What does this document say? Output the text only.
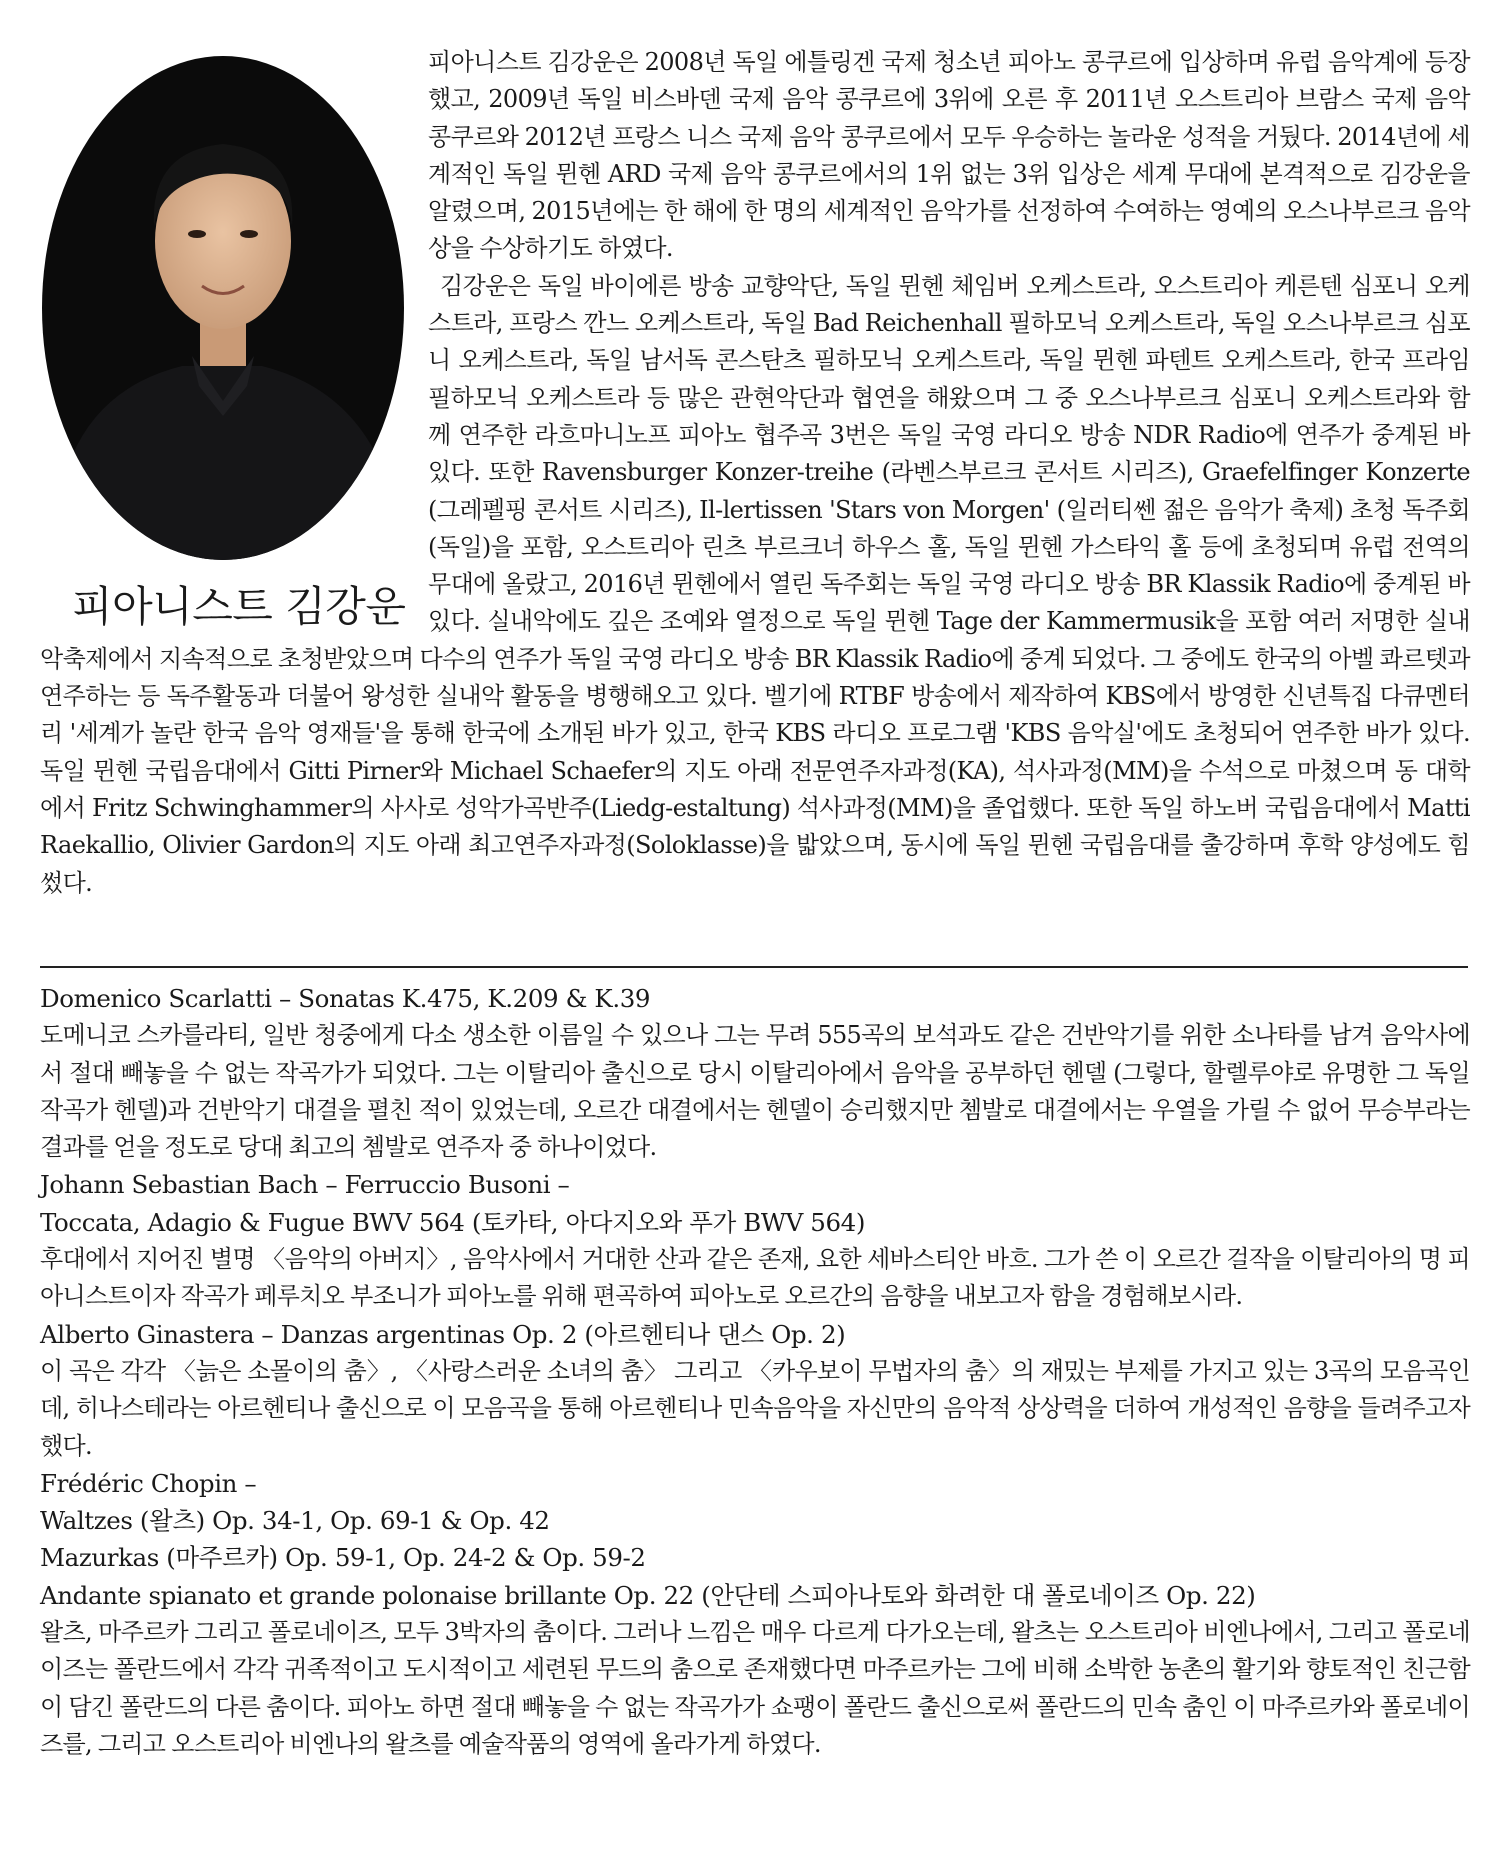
피아니스트 김강운은 2008년 독일 에틀링겐 국제 청소년 피아노 콩쿠르에 입상하며 유럽 음악계에 등장했고, 2009년 독일 비스바덴 국제 음악 콩쿠르에 3위에 오른 후 2011년 오스트리아 브람스 국제 음악 콩쿠르와 2012년 프랑스 니스 국제 음악 콩쿠르에서 모두 우승하는 놀라운 성적을 거뒀다. 2014년에 세계적인 독일 뮌헨 ARD 국제 음악 콩쿠르에서의 1위 없는 3위 입상은 세계 무대에 본격적으로 김강운을 알렸으며, 2015년에는 한 해에 한 명의 세계적인 음악가를 선정하여 수여하는 영예의 오스나부르크 음악상을 수상하기도 하였다.

김강운은 독일 바이에른 방송 교향악단, 독일 뮌헨 체임버 오케스트라, 오스트리아 케른텐 심포니 오케스트라, 프랑스 깐느 오케스트라, 독일 Bad Reichenhall 필하모닉 오케스트라, 독일 오스나부르크 심포니 오케스트라, 독일 남서독 콘스탄츠 필하모닉 오케스트라, 독일 뮌헨 파텐트 오케스트라, 한국 프라임 필하모닉 오케스트라 등 많은 관현악단과 협연을 해왔으며 그 중 오스나부르크 심포니 오케스트라와 함께 연주한 라흐마니노프 피아노 협주곡 3번은 독일 국영 라디오 방송 NDR Radio에 연주가 중계된 바 있다. 또한 Ravensburger Konzer-treihe (라벤스부르크 콘서트 시리즈), Graefelfinger Konzerte (그레펠핑 콘서트 시리즈), Il-lertissen 'Stars von Morgen' (일러티쎈 젊은 음악가 축제) 초청 독주회(독일)을 포함, 오스트리아 린츠 부르크너 하우스 홀, 독일 뮌헨 가스타익 홀 등에 초청되며 유럽 전역의 무대에 올랐고, 2016년 뮌헨에서 열린 독주회는 독일 국영 라디오 방송 BR Klassik Radio에 중계된 바 있다. 실내악에도 깊은 조예와 열정으로 독일 뮌헨 Tage der Kammermusik을 포함 여러 저명한 실내악축제에서 지속적으로 초청받았으며 다수의 연주가 독일 국영 라디오 방송 BR Klassik Radio에 중계 되었다. 그 중에도 한국의 아벨 콰르텟과 연주하는 등 독주활동과 더불어 왕성한 실내악 활동을 병행해오고 있다. 벨기에 RTBF 방송에서 제작하여 KBS에서 방영한 신년특집 다큐멘터리 '세계가 놀란 한국 음악 영재들'을 통해 한국에 소개된 바가 있고, 한국 KBS 라디오 프로그램 'KBS 음악실'에도 초청되어 연주한 바가 있다. 독일 뮌헨 국립음대에서 Gitti Pirner와 Michael Schaefer의 지도 아래 전문연주자과정(KA), 석사과정(MM)을 수석으로 마쳤으며 동 대학에서 Fritz Schwinghammer의 사사로 성악가곡반주(Liedg-estaltung) 석사과정(MM)을 졸업했다. 또한 독일 하노버 국립음대에서 Matti Raekallio, Olivier Gardon의 지도 아래 최고연주자과정(Soloklasse)을 밟았으며, 동시에 독일 뮌헨 국립음대를 출강하며 후학 양성에도 힘썼다.

피아니스트 김강운

Domenico Scarlatti – Sonatas K.475, K.209 & K.39

도메니코 스카를라티, 일반 청중에게 다소 생소한 이름일 수 있으나 그는 무려 555곡의 보석과도 같은 건반악기를 위한 소나타를 남겨 음악사에서 절대 빼놓을 수 없는 작곡가가 되었다. 그는 이탈리아 출신으로 당시 이탈리아에서 음악을 공부하던 헨델 (그렇다, 할렐루야로 유명한 그 독일 작곡가 헨델)과 건반악기 대결을 펼친 적이 있었는데, 오르간 대결에서는 헨델이 승리했지만 쳄발로 대결에서는 우열을 가릴 수 없어 무승부라는 결과를 얻을 정도로 당대 최고의 쳄발로 연주자 중 하나이었다.

Johann Sebastian Bach – Ferruccio Busoni –

Toccata, Adagio & Fugue BWV 564 (토카타, 아다지오와 푸가 BWV 564)

후대에서 지어진 별명 〈음악의 아버지〉, 음악사에서 거대한 산과 같은 존재, 요한 세바스티안 바흐. 그가 쓴 이 오르간 걸작을 이탈리아의 명 피아니스트이자 작곡가 페루치오 부조니가 피아노를 위해 편곡하여 피아노로 오르간의 음향을 내보고자 함을 경험해보시라.

Alberto Ginastera – Danzas argentinas Op. 2 (아르헨티나 댄스 Op. 2)

이 곡은 각각 〈늙은 소몰이의 춤〉, 〈사랑스러운 소녀의 춤〉 그리고 〈카우보이 무법자의 춤〉의 재밌는 부제를 가지고 있는 3곡의 모음곡인데, 히나스테라는 아르헨티나 출신으로 이 모음곡을 통해 아르헨티나 민속음악을 자신만의 음악적 상상력을 더하여 개성적인 음향을 들려주고자 했다.

Frédéric Chopin –

Waltzes (왈츠) Op. 34-1, Op. 69-1 & Op. 42

Mazurkas (마주르카) Op. 59-1, Op. 24-2 & Op. 59-2

Andante spianato et grande polonaise brillante Op. 22 (안단테 스피아나토와 화려한 대 폴로네이즈 Op. 22)

왈츠, 마주르카 그리고 폴로네이즈, 모두 3박자의 춤이다. 그러나 느낌은 매우 다르게 다가오는데, 왈츠는 오스트리아 비엔나에서, 그리고 폴로네이즈는 폴란드에서 각각 귀족적이고 도시적이고 세련된 무드의 춤으로 존재했다면 마주르카는 그에 비해 소박한 농촌의 활기와 향토적인 친근함이 담긴 폴란드의 다른 춤이다. 피아노 하면 절대 빼놓을 수 없는 작곡가가 쇼팽이 폴란드 출신으로써 폴란드의 민속 춤인 이 마주르카와 폴로네이즈를, 그리고 오스트리아 비엔나의 왈츠를 예술작품의 영역에 올라가게 하였다.
